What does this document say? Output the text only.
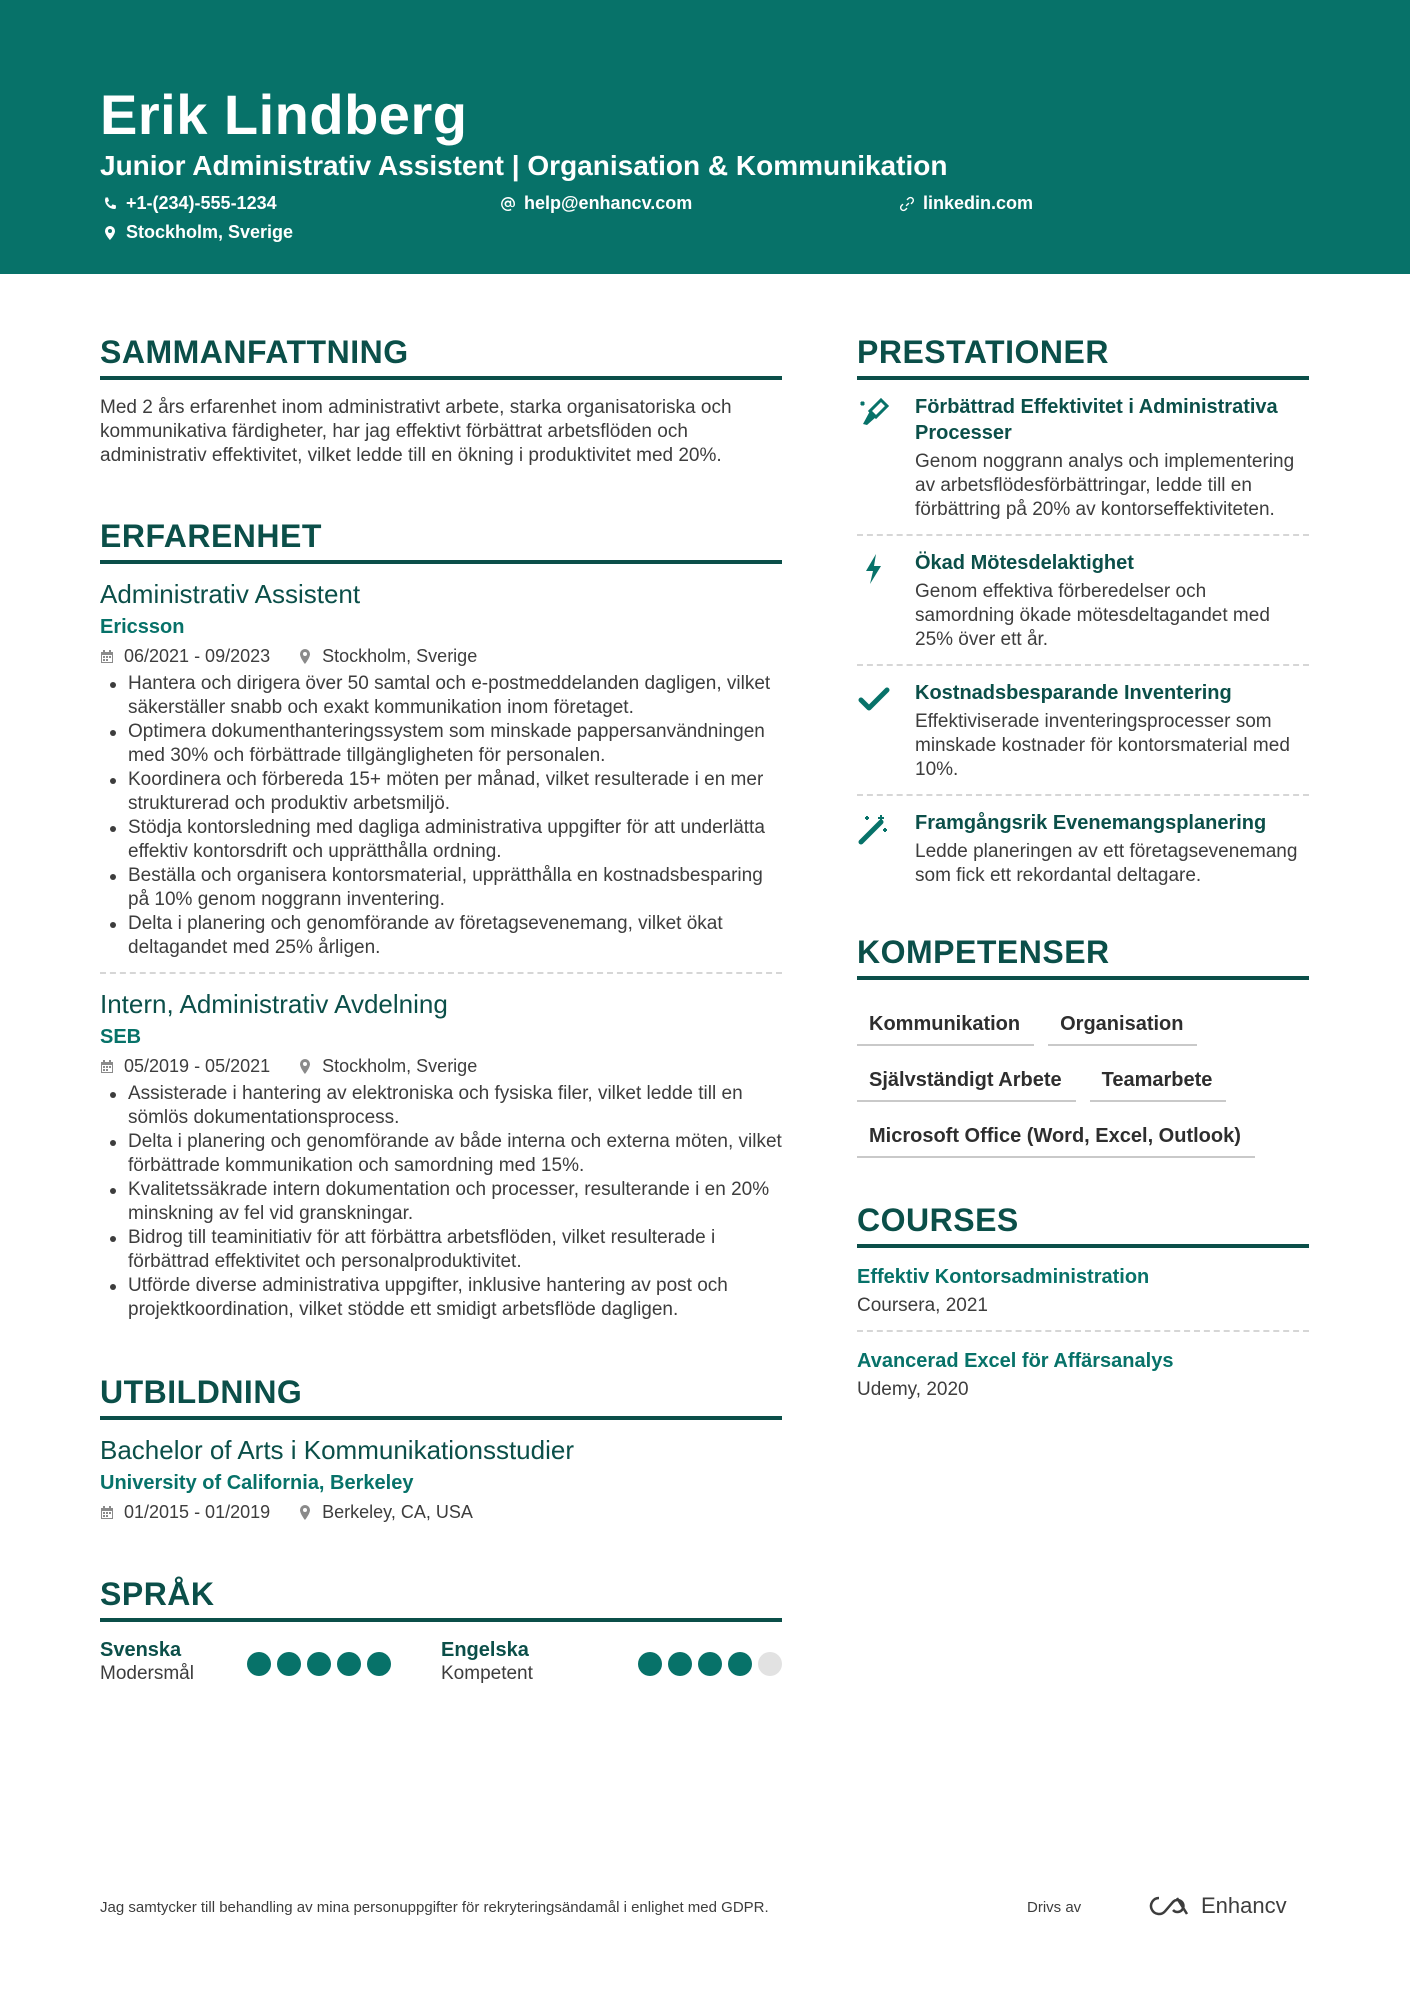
Erik Lindberg
Junior Administrativ Assistent | Organisation & Kommunikation
+1-(234)-555-1234	help@enhancv.com	linkedin.com
Stockholm, Sverige
SAMMANFATTNING
Med 2 års erfarenhet inom administrativt arbete, starka organisatoriska och kommunikativa färdigheter, har jag effektivt förbättrat arbetsflöden och administrativ effektivitet, vilket ledde till en ökning i produktivitet med 20%.
ERFARENHET
Administrativ Assistent
Ericsson
06/2021 - 09/2023	Stockholm, Sverige
Hantera och dirigera över 50 samtal och e-postmeddelanden dagligen, vilket säkerställer snabb och exakt kommunikation inom företaget.
Optimera dokumenthanteringssystem som minskade pappersanvändningen med 30% och förbättrade tillgängligheten för personalen.
Koordinera och förbereda 15+ möten per månad, vilket resulterade i en mer strukturerad och produktiv arbetsmiljö.
Stödja kontorsledning med dagliga administrativa uppgifter för att underlätta effektiv kontorsdrift och upprätthålla ordning.
Beställa och organisera kontorsmaterial, upprätthålla en kostnadsbesparing på 10% genom noggrann inventering.
Delta i planering och genomförande av företagsevenemang, vilket ökat deltagandet med 25% årligen.
Intern, Administrativ Avdelning
SEB
05/2019 - 05/2021	Stockholm, Sverige
Assisterade i hantering av elektroniska och fysiska filer, vilket ledde till en sömlös dokumentationsprocess.
Delta i planering och genomförande av både interna och externa möten, vilket förbättrade kommunikation och samordning med 15%.
Kvalitetssäkrade intern dokumentation och processer, resulterande i en 20% minskning av fel vid granskningar.
Bidrog till teaminitiativ för att förbättra arbetsflöden, vilket resulterade i förbättrad effektivitet och personalproduktivitet.
Utförde diverse administrativa uppgifter, inklusive hantering av post och projektkoordination, vilket stödde ett smidigt arbetsflöde dagligen.
UTBILDNING
Bachelor of Arts i Kommunikationsstudier
University of California, Berkeley
01/2015 - 01/2019	Berkeley, CA, USA
SPRÅK
Svenska
Modersmål
Engelska
Kompetent
PRESTATIONER
Förbättrad Effektivitet i Administrativa Processer
Genom noggrann analys och implementering av arbetsflödesförbättringar, ledde till en förbättring på 20% av kontorseffektiviteten.
Ökad Mötesdelaktighet
Genom effektiva förberedelser och samordning ökade mötesdeltagandet med 25% över ett år.
Kostnadsbesparande Inventering
Effektiviserade inventeringsprocesser som minskade kostnader för kontorsmaterial med 10%.
Framgångsrik Evenemangsplanering
Ledde planeringen av ett företagsevenemang som fick ett rekordantal deltagare.
KOMPETENSER
Kommunikation	Organisation
Självständigt Arbete	Teamarbete
Microsoft Office (Word, Excel, Outlook)
COURSES
Effektiv Kontorsadministration
Coursera, 2021
Avancerad Excel för Affärsanalys
Udemy, 2020
Jag samtycker till behandling av mina personuppgifter för rekryteringsändamål i enlighet med GDPR.	Drivs av	Enhancv
